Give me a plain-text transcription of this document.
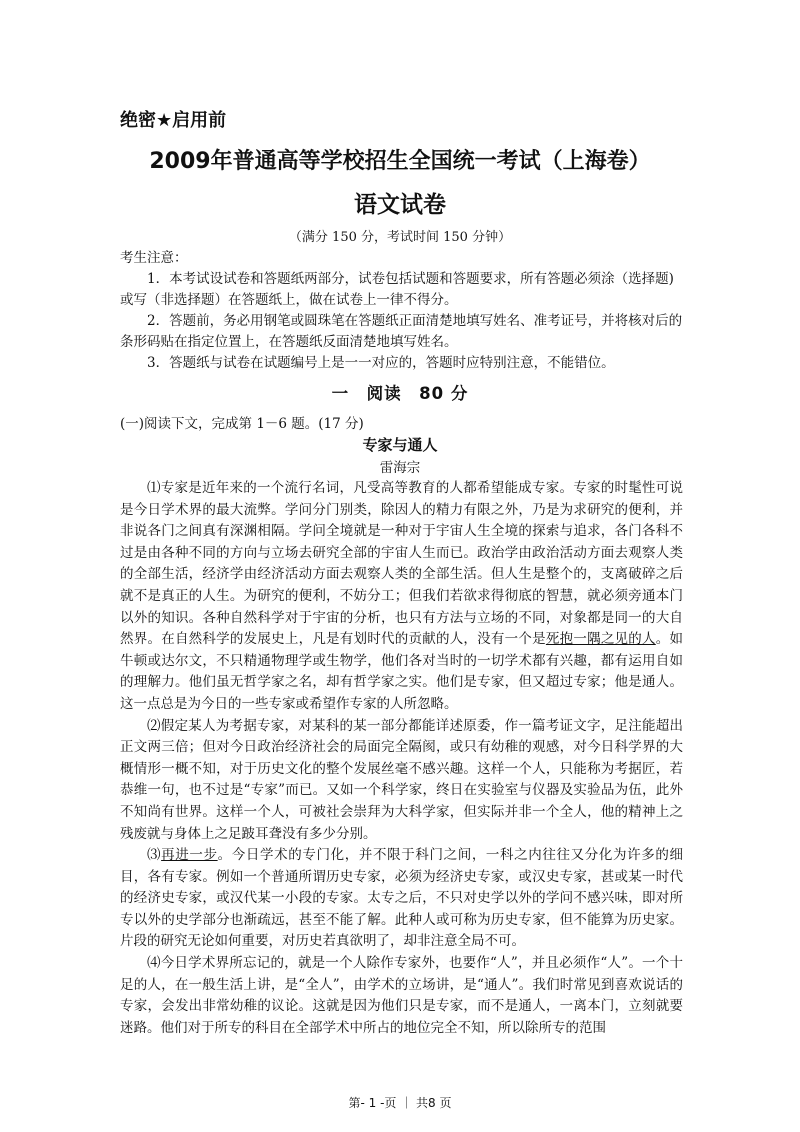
绝密★启用前
2009年普通高等学校招生全国统一考试（上海卷）
语文试卷
（满分 150 分，考试时间 150 分钟）

考生注意：

1．本考试设试卷和答题纸两部分，试卷包括试题和答题要求，所有答题必须涂（选择题)或写（非选择题）在答题纸上，做在试卷上一律不得分。

2．答题前，务必用钢笔或圆珠笔在答题纸正面清楚地填写姓名、准考证号，并将核对后的条形码贴在指定位置上，在答题纸反面清楚地填写姓名。

3．答题纸与试卷在试题编号上是一一对应的，答题时应特别注意，不能错位。

一　阅读　80 分
(一)阅读下文，完成第 1－6 题。(17 分)
专家与通人
雷海宗

⑴专家是近年来的一个流行名词，凡受高等教育的人都希望能成专家。专家的时髦性可说是今日学术界的最大流弊。学问分门别类，除因人的精力有限之外，乃是为求研究的便利，并非说各门之间真有深渊相隔。学问全境就是一种对于宇宙人生全境的探索与追求，各门各科不过是由各种不同的方向与立场去研究全部的宇宙人生而已。政治学由政治活动方面去观察人类的全部生活，经济学由经济活动方面去观察人类的全部生活。但人生是整个的，支离破碎之后就不是真正的人生。为研究的便利，不妨分工；但我们若欲求得彻底的智慧，就必须旁通本门以外的知识。各种自然科学对于宇宙的分析，也只有方法与立场的不同，对象都是同一的大自然界。在自然科学的发展史上，凡是有划时代的贡献的人，没有一个是死抱一隅之见的人。如牛顿或达尔文，不只精通物理学或生物学，他们各对当时的一切学术都有兴趣，都有运用自如的理解力。他们虽无哲学家之名，却有哲学家之实。他们是专家，但又超过专家；他是通人。这一点总是为今日的一些专家或希望作专家的人所忽略。

⑵假定某人为考据专家，对某科的某一部分都能详述原委，作一篇考证文字，足注能超出正文两三倍；但对今日政治经济社会的局面完全隔阂，或只有幼稚的观感，对今日科学界的大概情形一概不知，对于历史文化的整个发展丝毫不感兴趣。这样一个人，只能称为考据匠，若恭维一句，也不过是“专家”而已。又如一个科学家，终日在实验室与仪器及实验品为伍，此外不知尚有世界。这样一个人，可被社会崇拜为大科学家，但实际并非一个全人，他的精神上之残废就与身体上之足跛耳聋没有多少分别。

⑶再进一步。今日学术的专门化，并不限于科门之间，一科之内往往又分化为许多的细目，各有专家。例如一个普通所谓历史专家，必须为经济史专家，或汉史专家，甚或某一时代的经济史专家，或汉代某一小段的专家。太专之后，不只对史学以外的学问不感兴味，即对所专以外的史学部分也渐疏远，甚至不能了解。此种人或可称为历史专家，但不能算为历史家。片段的研究无论如何重要，对历史若真欲明了，却非注意全局不可。

⑷今日学术界所忘记的，就是一个人除作专家外，也要作“人”，并且必须作“人”。一个十足的人，在一般生活上讲，是“全人”，由学术的立场讲，是“通人”。我们时常见到喜欢说话的专家，会发出非常幼稚的议论。这就是因为他们只是专家，而不是通人，一离本门，立刻就要迷路。他们对于所专的科目在全部学术中所占的地位完全不知，所以除所专的范围

第- 1 -页 ｜ 共8 页
